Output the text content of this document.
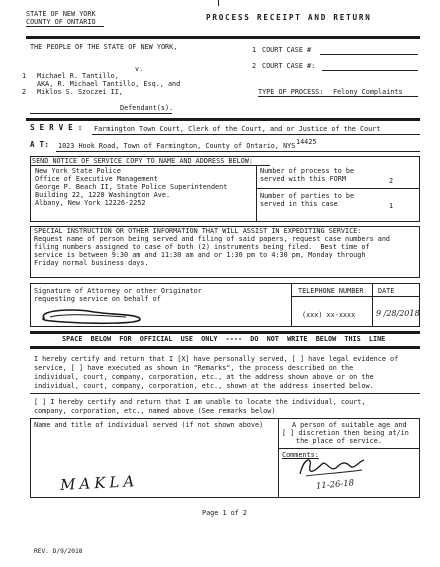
STATE OF NEW YORK
COUNTY OF ONTARIO	PROCESS RECEIPT AND RETURN
THE PEOPLE OF THE STATE OF NEW YORK,
v.
1 Michael R. Tantillo,
AKA, R. Michael Tantillo, Esq., and
2 Miklos S. Szoczei II,
Defendant(s).
1 COURT CASE #
2 COURT CASE #:
TYPE OF PROCESS: Felony Complaints
S E R V E : Farmington Town Court, Clerk of the Court, and or Justice of the Court
A T: 1023 Hook Road, Town of Farmington, County of Ontario, NYS 14425
SEND NOTICE OF SERVICE COPY TO NAME AND ADDRESS BELOW:
New York State Police
Office of Executive Management
George P. Beach II, State Police Superintendent
Building 22, 1220 Washington Ave.
Albany, New York 12226-2252
Number of process to be
served with this FORM	2
Number of parties to be
served in this case	1
SPECIAL INSTRUCTION OR OTHER INFORMATION THAT WILL ASSIST IN EXPEDITING SERVICE:
Request name of person being served and filing of said papers, request case numbers and
filing numbers assigned to case of both (2) instruments being filed.  Best time of
service is between 9:30 am and 11:30 am and or 1:30 pm to 4:30 pm, Monday through
Friday normal business days.
Signature of Attorney or other Originator
requesting service on behalf of
TELEPHONE NUMBER
(xxx) xx-xxxx
DATE
9 /28/2018
SPACE  BELOW  FOR  OFFICIAL  USE  ONLY  ----  DO  NOT  WRITE  BELOW  THIS  LINE
I hereby certify and return that I [X] have personally served, [ ] have legal evidence of
service, [ ] have executed as shown in "Remarks", the process described on the
individual, court, company, corporation, etc., at the address shown above or on the
individual, court, company, corporation, etc., shown at the address inserted below.
[ ] I hereby certify and return that I am unable to locate the individual, court,
company, corporation, etc., named above (See remarks below)
Name and title of individual served (if not shown above)	A person of suitable age and
[ ] discretion then being at/in
the place of service.
Comments:
MAKLA	11-26-18
Page 1 of 2
REV. D/9/2018
